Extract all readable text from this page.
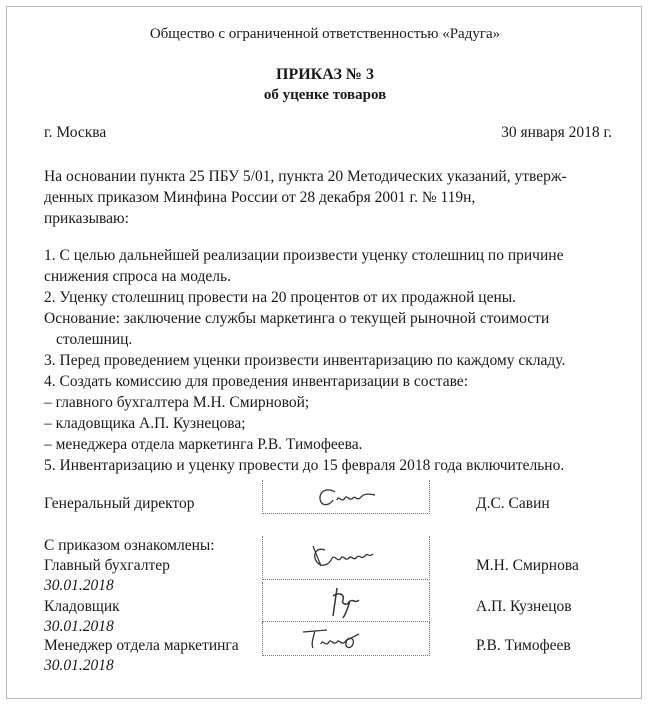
Общество с ограниченной ответственностью «Радуга»
ПРИКАЗ № 3
об уценке товаров
г. Москва	30 января 2018 г.
На основании пункта 25 ПБУ 5/01, пункта 20 Методических указаний, утверж-
денных приказом Минфина России от 28 декабря 2001 г. № 119н,
приказываю:
1. С целью дальнейшей реализации произвести уценку столешниц по причине
снижения спроса на модель.
2. Уценку столешниц провести на 20 процентов от их продажной цены.
Основание: заключение службы маркетинга о текущей рыночной стоимости
столешниц.
3. Перед проведением уценки произвести инвентаризацию по каждому складу.
4. Создать комиссию для проведения инвентаризации в составе:
– главного бухгалтера М.Н. Смирновой;
– кладовщика А.П. Кузнецова;
– менеджера отдела маркетинга Р.В. Тимофеева.
5. Инвентаризацию и уценку провести до 15 февраля 2018 года включительно.
Генеральный директор	Д.С. Савин
С приказом ознакомлены:
Главный бухгалтер
30.01.2018
М.Н. Смирнова
Кладовщик
30.01.2018
А.П. Кузнецов
Менеджер отдела маркетинга
30.01.2018
Р.В. Тимофеев
